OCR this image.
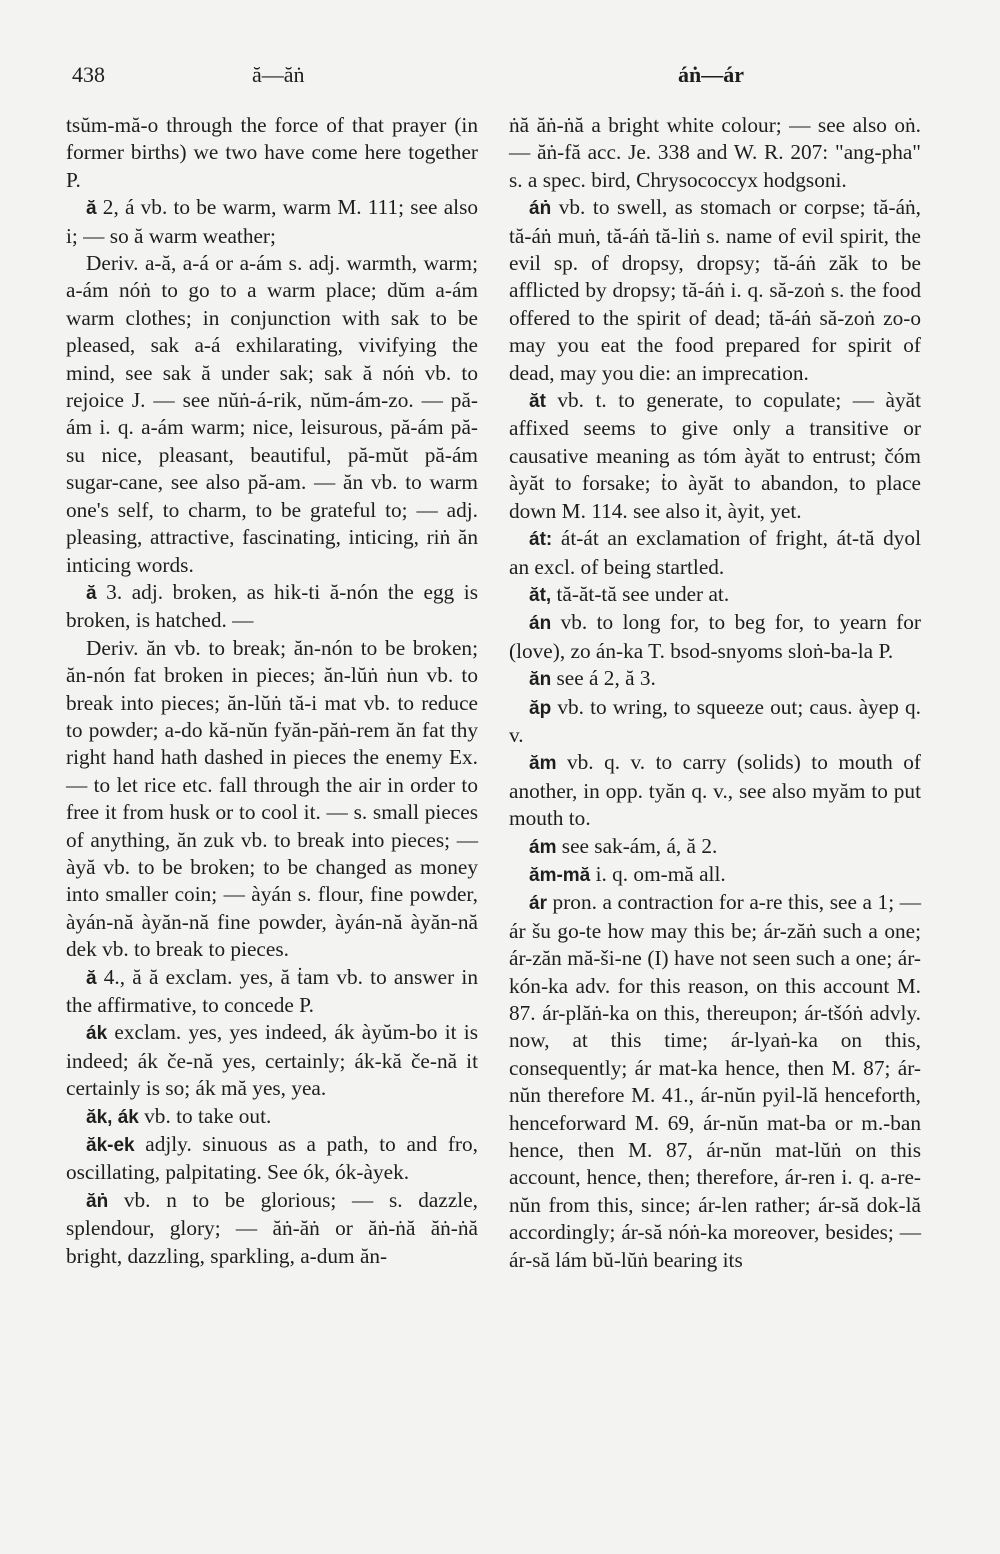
438	ă—ăṅ	áṅ—ár

tsŭm-mă-o through the force of that prayer (in former births) we two have come here together P.

ă 2, á vb. to be warm, warm M. 111; see also i; — so ă warm weather;

Deriv. a-ă, a-á or a-ám s. adj. warmth, warm; a-ám nóṅ to go to a warm place; dŭm a-ám warm clothes; in conjunction with sak to be pleased, sak a-á exhilarating, vivifying the mind, see sak ă under sak; sak ă nóṅ vb. to rejoice J. — see nŭṅ-á-rik, nŭm-ám-zo. — pă-ám i. q. a-ám warm; nice, leisurous, pă-ám pă-su nice, pleasant, beautiful, pă-mŭt pă-ám sugar-cane, see also pă-am. — ăn vb. to warm one's self, to charm, to be grateful to; — adj. pleasing, attractive, fascinating, inticing, riṅ ăn inticing words.

ă 3. adj. broken, as hik-ti ă-nón the egg is broken, is hatched. —

Deriv. ăn vb. to break; ăn-nón to be broken; ăn-nón fat broken in pieces; ăn-lŭṅ ṅun vb. to break into pieces; ăn-lŭṅ tă-i mat vb. to reduce to powder; a-do kă-nŭn fyăn-păṅ-rem ăn fat thy right hand hath dashed in pieces the enemy Ex. — to let rice etc. fall through the air in order to free it from husk or to cool it. — s. small pieces of anything, ăn zuk vb. to break into pieces; — àyă vb. to be broken; to be changed as money into smaller coin; — àyán s. flour, fine powder, àyán-nă àyăn-nă fine powder, àyán-nă àyăn-nă dek vb. to break to pieces.

ă 4., ă ă exclam. yes, ă ṫam vb. to answer in the affirmative, to concede P.

ák exclam. yes, yes indeed, ák àyŭm-bo it is indeed; ák če-nă yes, certainly; ák-kă če-nă it certainly is so; ák mă yes, yea.

ăk, ák vb. to take out.

ăk-ek adjly. sinuous as a path, to and fro, oscillating, palpitating. See ók, ók-àyek.

ăṅ vb. n to be glorious; — s. dazzle, splendour, glory; — ăṅ-ăṅ or ăṅ-ṅă ăṅ-ṅă bright, dazzling, sparkling, a-dum ăn-

ṅă ăṅ-ṅă a bright white colour; — see also oṅ. — ăṅ-fă acc. Je. 338 and W. R. 207: "ang-pha" s. a spec. bird, Chrysococcyx hodgsoni.

áṅ vb. to swell, as stomach or corpse; tă-áṅ, tă-áṅ muṅ, tă-áṅ tă-liṅ s. name of evil spirit, the evil sp. of dropsy, dropsy; tă-áṅ zăk to be afflicted by dropsy; tă-áṅ i. q. să-zoṅ s. the food offered to the spirit of dead; tă-áṅ să-zoṅ zo-o may you eat the food prepared for spirit of dead, may you die: an imprecation.

ăt vb. t. to generate, to copulate; — àyăt affixed seems to give only a transitive or causative meaning as tóm àyăt to entrust; čóm àyăt to forsake; ṫo àyăt to abandon, to place down M. 114. see also it, àyit, yet.

át: át-át an exclamation of fright, át-tă dyol an excl. of being startled.

ăt, tă-ăt-tă see under at.

án vb. to long for, to beg for, to yearn for (love), zo án-ka T. bsod-snyoms sloṅ-ba-la P.

ăn see á 2, ă 3.

ăp vb. to wring, to squeeze out; caus. àyep q. v.

ăm vb. q. v. to carry (solids) to mouth of another, in opp. tyăn q. v., see also myăm to put mouth to.

ám see sak-ám, á, ă 2.

ăm-mă i. q. om-mă all.

ár pron. a contraction for a-re this, see a 1; — ár šu go-te how may this be; ár-zăṅ such a one; ár-zăn mă-ši-ne (I) have not seen such a one; ár-kón-ka adv. for this reason, on this account M. 87. ár-plăṅ-ka on this, thereupon; ár-tšóṅ advly. now, at this time; ár-lyaṅ-ka on this, consequently; ár mat-ka hence, then M. 87; ár-nŭn therefore M. 41., ár-nŭn pyil-lă henceforth, henceforward M. 69, ár-nŭn mat-ba or m.-ban hence, then M. 87, ár-nŭn mat-lŭṅ on this account, hence, then; therefore, ár-ren i. q. a-re-nŭn from this, since; ár-len rather; ár-să dok-lă accordingly; ár-să nóṅ-ka moreover, besides; — ár-să lám bŭ-lŭṅ bearing its
